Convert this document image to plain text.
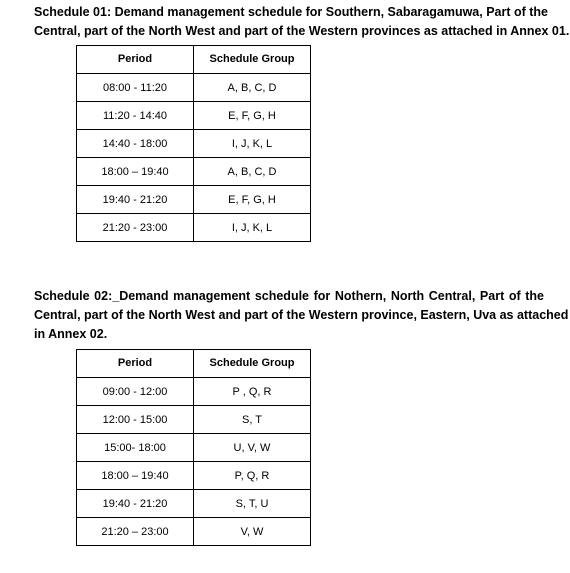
Schedule 01: Demand management schedule for Southern, Sabaragamuwa, Part of the
Central, part of the North West and part of the Western provinces as attached in Annex 01.

Period	Schedule Group
08:00 - 11:20	A, B, C, D
11:20 - 14:40	E, F, G, H
14:40 - 18:00	I, J, K, L
18:00 – 19:40	A, B, C, D
19:40 - 21:20	E, F, G, H
21:20 - 23:00	I, J, K, L

Schedule 02:_Demand management schedule for Nothern, North Central, Part of the
Central, part of the North West and part of the Western province, Eastern, Uva as attached
in Annex 02.

Period	Schedule Group
09:00 - 12:00	P , Q, R
12:00 - 15:00	S, T
15:00- 18:00	U, V, W
18:00 – 19:40	P, Q, R
19:40 - 21:20	S, T, U
21:20 – 23:00	V, W
